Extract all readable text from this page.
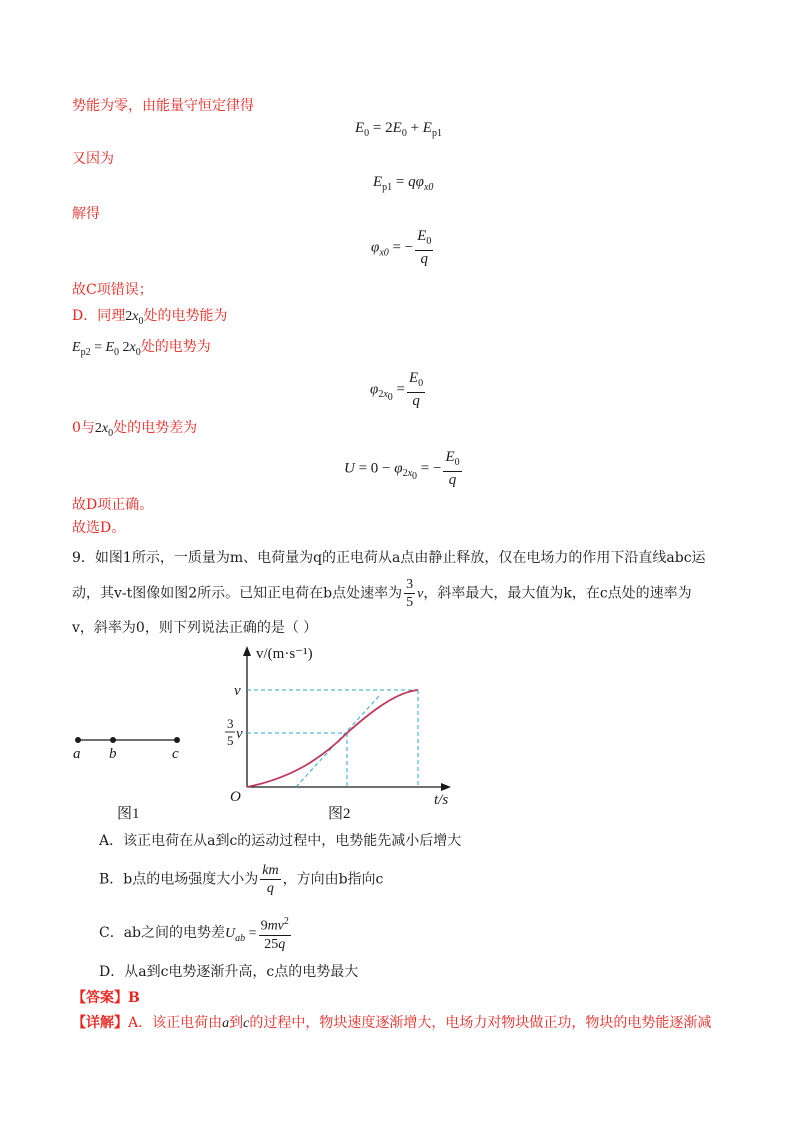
势能为零，由能量守恒定律得
$E_0 = 2E_0 + E_{p1}$
又因为
$E_{p1} = q\varphi_{x0}$
解得
$\varphi_{x0}$ = − $\frac{E_0}{q}$
故C项错误；
D．同理$2x_0$处的电势能为
$E_{p2} = E_0$ $2x_0$处的电势为
$\varphi_{2x_0} = \frac{E_0}{q}$
0与$2x_0$处的电势差为
$U = 0 - \varphi_{2x_0}$ = − $\frac{E_0}{q}$
故D项正确。
故选D。
9．如图1所示，一质量为m、电荷量为q的正电荷从a点由静止释放，仅在电场力的作用下沿直线abc运
动，其v-t图像如图2所示。已知正电荷在b点处速率为 $\frac{3}{5}$ v，斜率最大，最大值为k，在c点处的速率为
v，斜率为0，则下列说法正确的是（ ）
a b	c
图1
v/(m·s⁻¹)
t/s
O
v
3
5 v
图2
A．该正电荷在从a到c的运动过程中，电势能先减小后增大
B．b点的电场强度大小为 $\frac{km}{q}$ ，方向由b指向c
C．ab之间的电势差$U_{ab} = \frac{9mv^2}{25q}$
D．从a到c电势逐渐升高，c点的电势最大
【答案】B
【详解】A．该正电荷由a到c的过程中，物块速度逐渐增大，电场力对物块做正功，物块的电势能逐渐减
